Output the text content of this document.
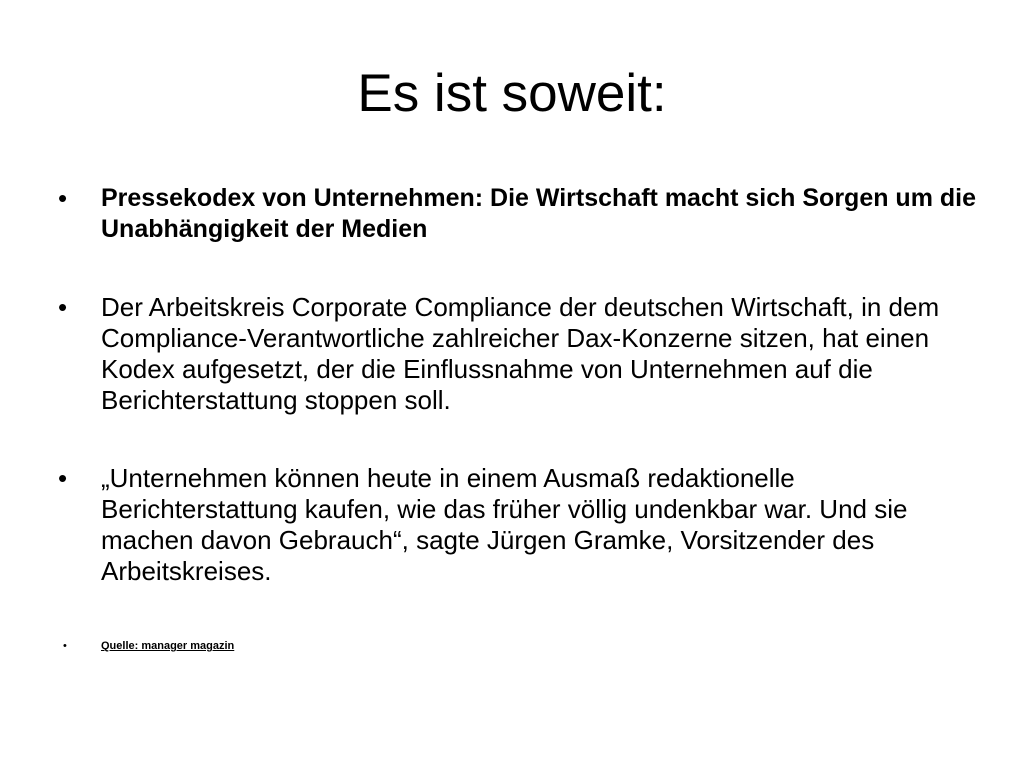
Es ist soweit:
•	Pressekodex von Unternehmen: Die Wirtschaft macht sich Sorgen um die Unabhängigkeit der Medien
•	Der Arbeitskreis Corporate Compliance der deutschen Wirtschaft, in dem Compliance-Verantwortliche zahlreicher Dax-Konzerne sitzen, hat einen Kodex aufgesetzt, der die Einflussnahme von Unternehmen auf die Berichterstattung stoppen soll.
•	„Unternehmen können heute in einem Ausmaß redaktionelle Berichterstattung kaufen, wie das früher völlig undenkbar war. Und sie machen davon Gebrauch“, sagte Jürgen Gramke, Vorsitzender des Arbeitskreises.
•	Quelle: manager magazin
